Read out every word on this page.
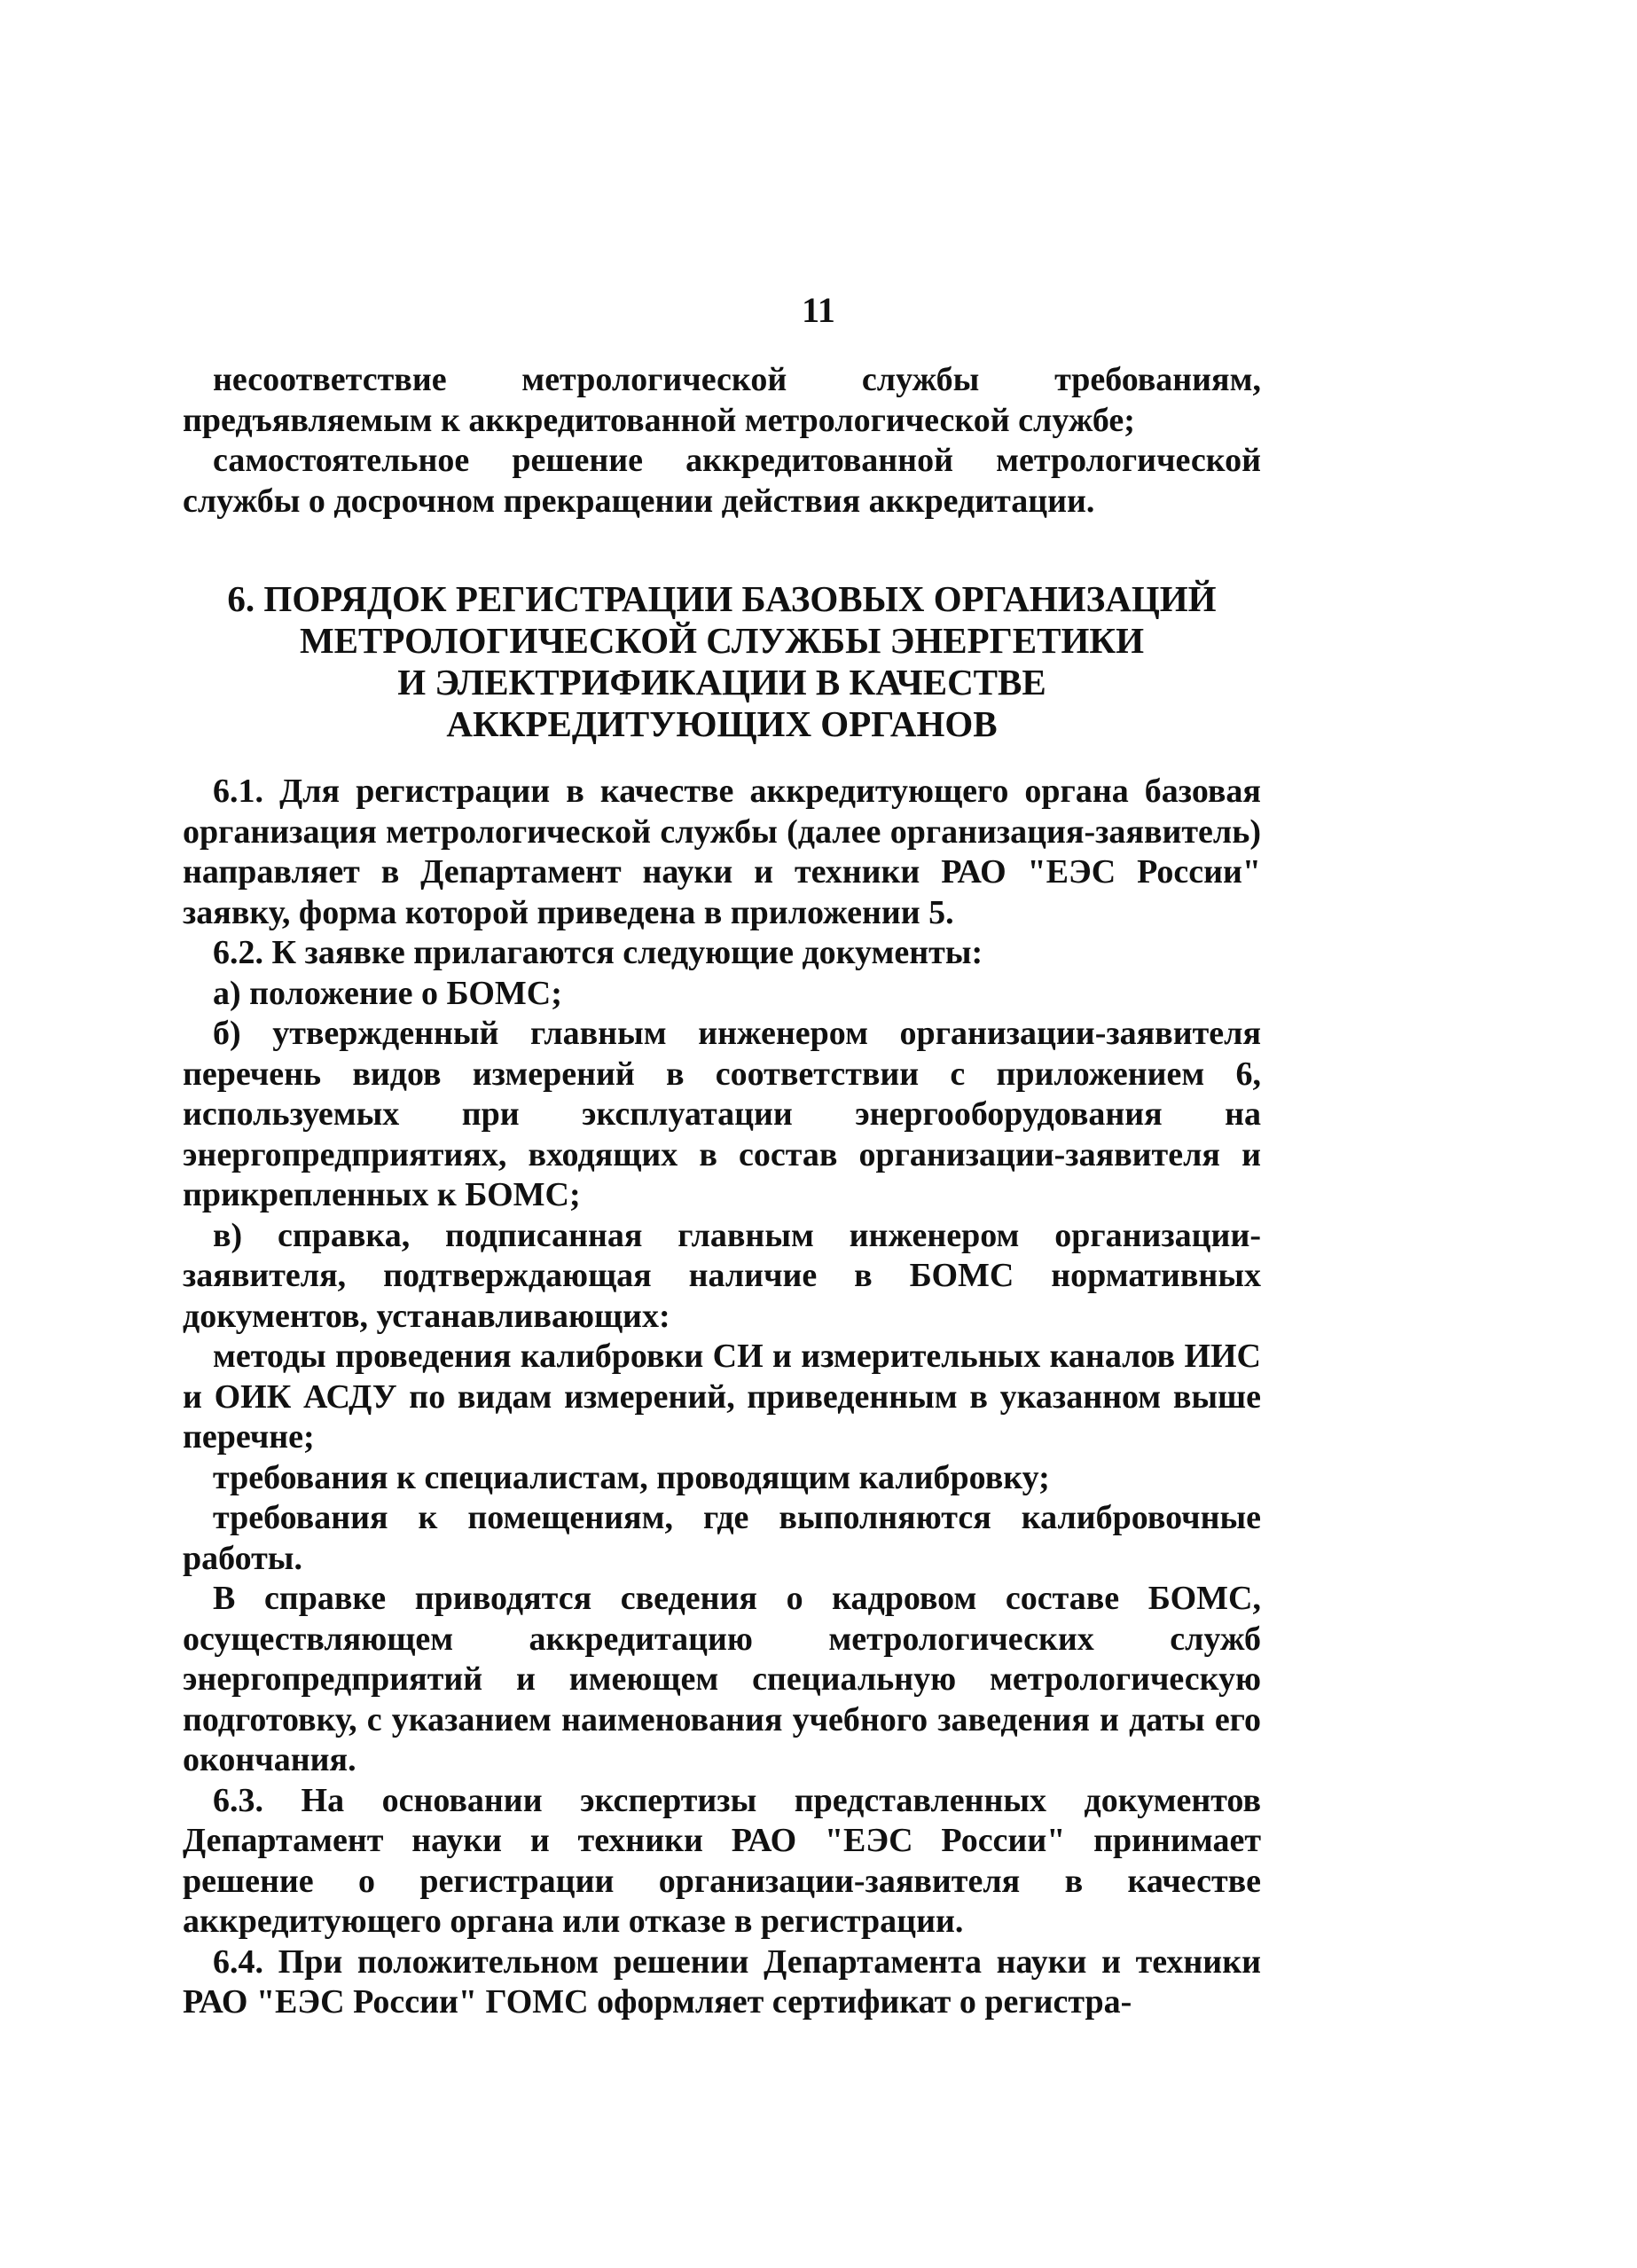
11

несоответствие метрологической службы требованиям, предъявляемым к аккредитованной метрологической службе;

самостоятельное решение аккредитованной метрологической службы о досрочном прекращении действия аккредитации.

6. ПОРЯДОК РЕГИСТРАЦИИ БАЗОВЫХ ОРГАНИЗАЦИЙ
МЕТРОЛОГИЧЕСКОЙ СЛУЖБЫ ЭНЕРГЕТИКИ
И ЭЛЕКТРИФИКАЦИИ В КАЧЕСТВЕ
АККРЕДИТУЮЩИХ ОРГАНОВ

6.1. Для регистрации в качестве аккредитующего органа базовая организация метрологической службы (далее организация-заявитель) направляет в Департамент науки и техники РАО "ЕЭС России" заявку, форма которой приведена в приложении 5.

6.2. К заявке прилагаются следующие документы:

а) положение о БОМС;

б) утвержденный главным инженером организации-заявителя перечень видов измерений в соответствии с приложением 6, используемых при эксплуатации энергооборудования на энергопредприятиях, входящих в состав организации-заявителя и прикрепленных к БОМС;

в) справка, подписанная главным инженером организации-заявителя, подтверждающая наличие в БОМС нормативных документов, устанавливающих:

методы проведения калибровки СИ и измерительных каналов ИИС и ОИК АСДУ по видам измерений, приведенным в указанном выше перечне;

требования к специалистам, проводящим калибровку;

требования к помещениям, где выполняются калибровочные работы.

В справке приводятся сведения о кадровом составе БОМС, осуществляющем аккредитацию метрологических служб энергопредприятий и имеющем специальную метрологическую подготовку, с указанием наименования учебного заведения и даты его окончания.

6.3. На основании экспертизы представленных документов Департамент науки и техники РАО "ЕЭС России" принимает решение о регистрации организации-заявителя в качестве аккредитующего органа или отказе в регистрации.

6.4. При положительном решении Департамента науки и техники РАО "ЕЭС России" ГОМС оформляет сертификат о регистра-
